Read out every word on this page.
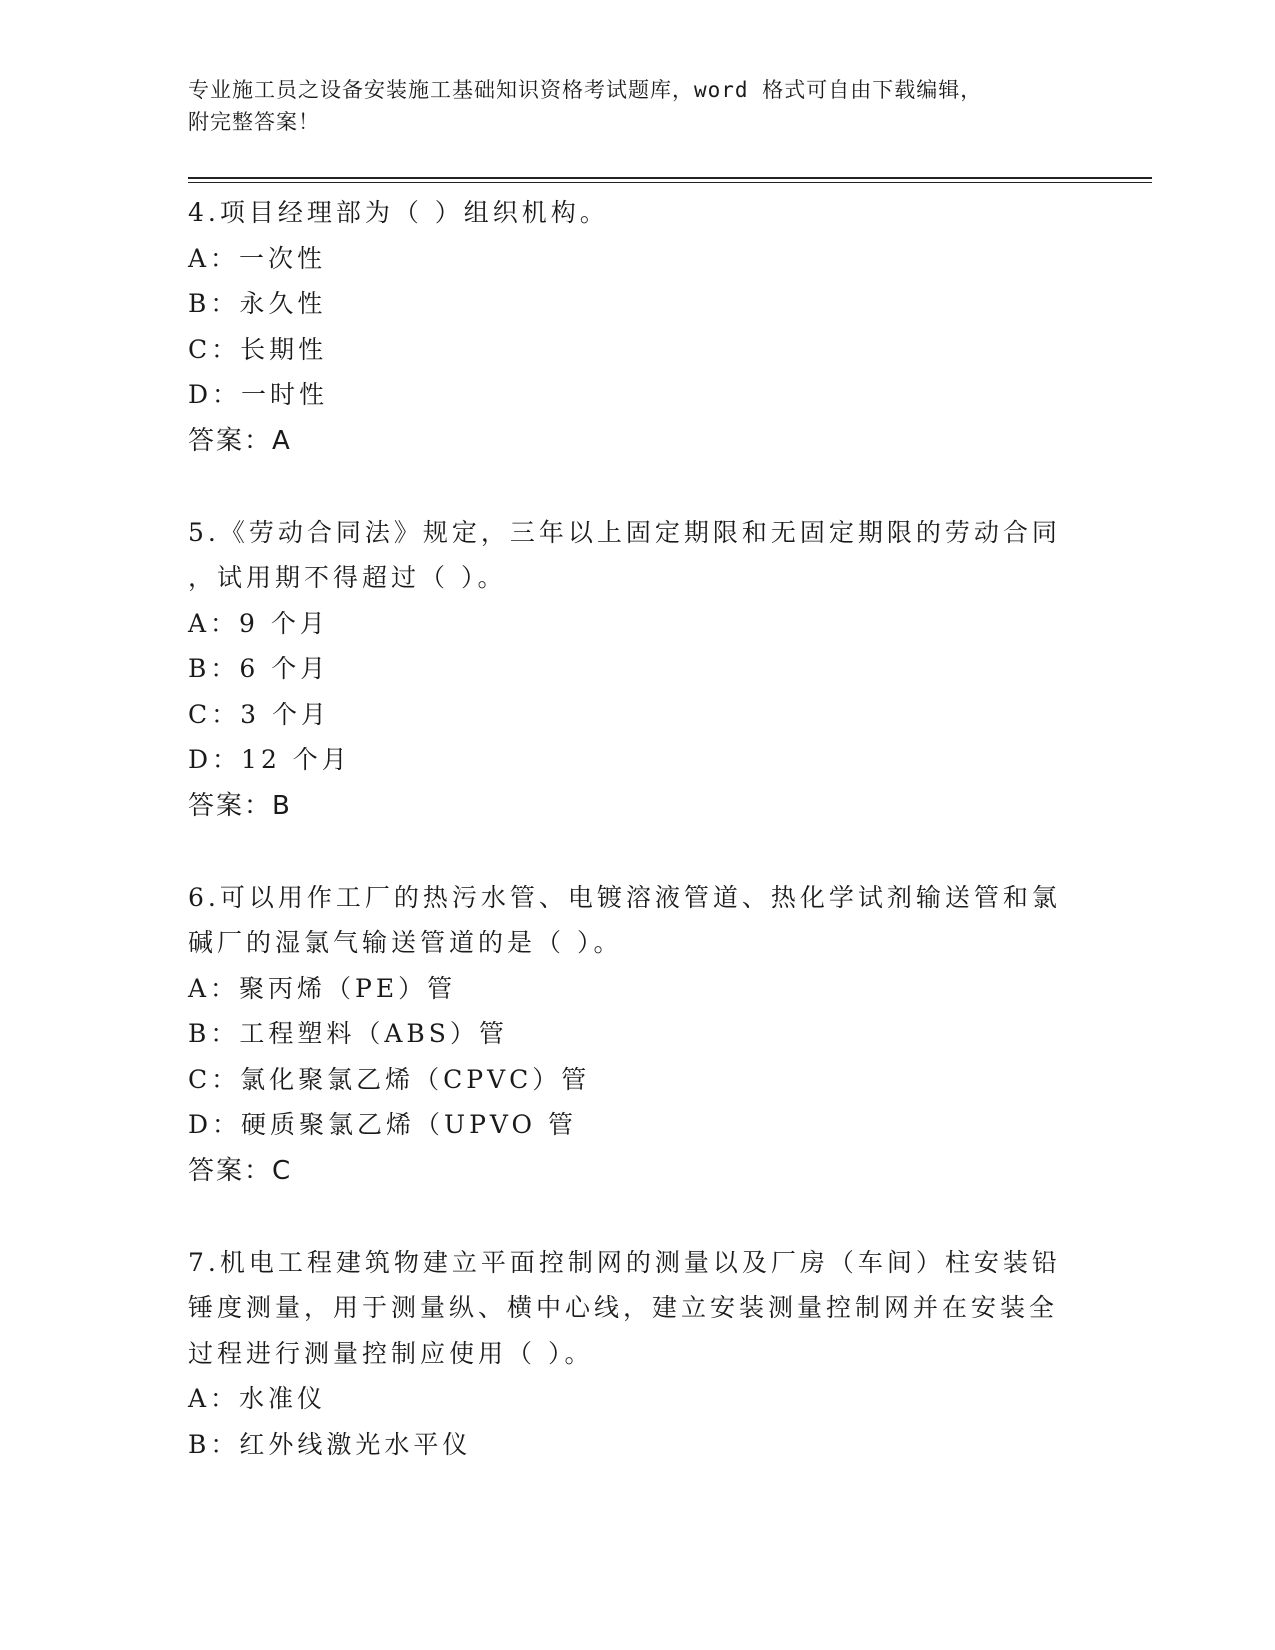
专业施工员之设备安装施工基础知识资格考试题库，word 格式可自由下载编辑，
附完整答案！
4.项目经理部为（ ）组织机构。
A：一次性
B：永久性
C：长期性
D：一时性
答案：A
5.《劳动合同法》规定，三年以上固定期限和无固定期限的劳动合同
，试用期不得超过（ ）。
A：9 个月
B：6 个月
C：3 个月
D：12 个月
答案：B
6.可以用作工厂的热污水管、电镀溶液管道、热化学试剂输送管和氯
碱厂的湿氯气输送管道的是（ ）。
A：聚丙烯（PE）管
B：工程塑料（ABS）管
C：氯化聚氯乙烯（CPVC）管
D：硬质聚氯乙烯（UPVO 管
答案：C
7.机电工程建筑物建立平面控制网的测量以及厂房（车间）柱安装铅
锤度测量，用于测量纵、横中心线，建立安装测量控制网并在安装全
过程进行测量控制应使用（ ）。
A：水准仪
B：红外线激光水平仪
